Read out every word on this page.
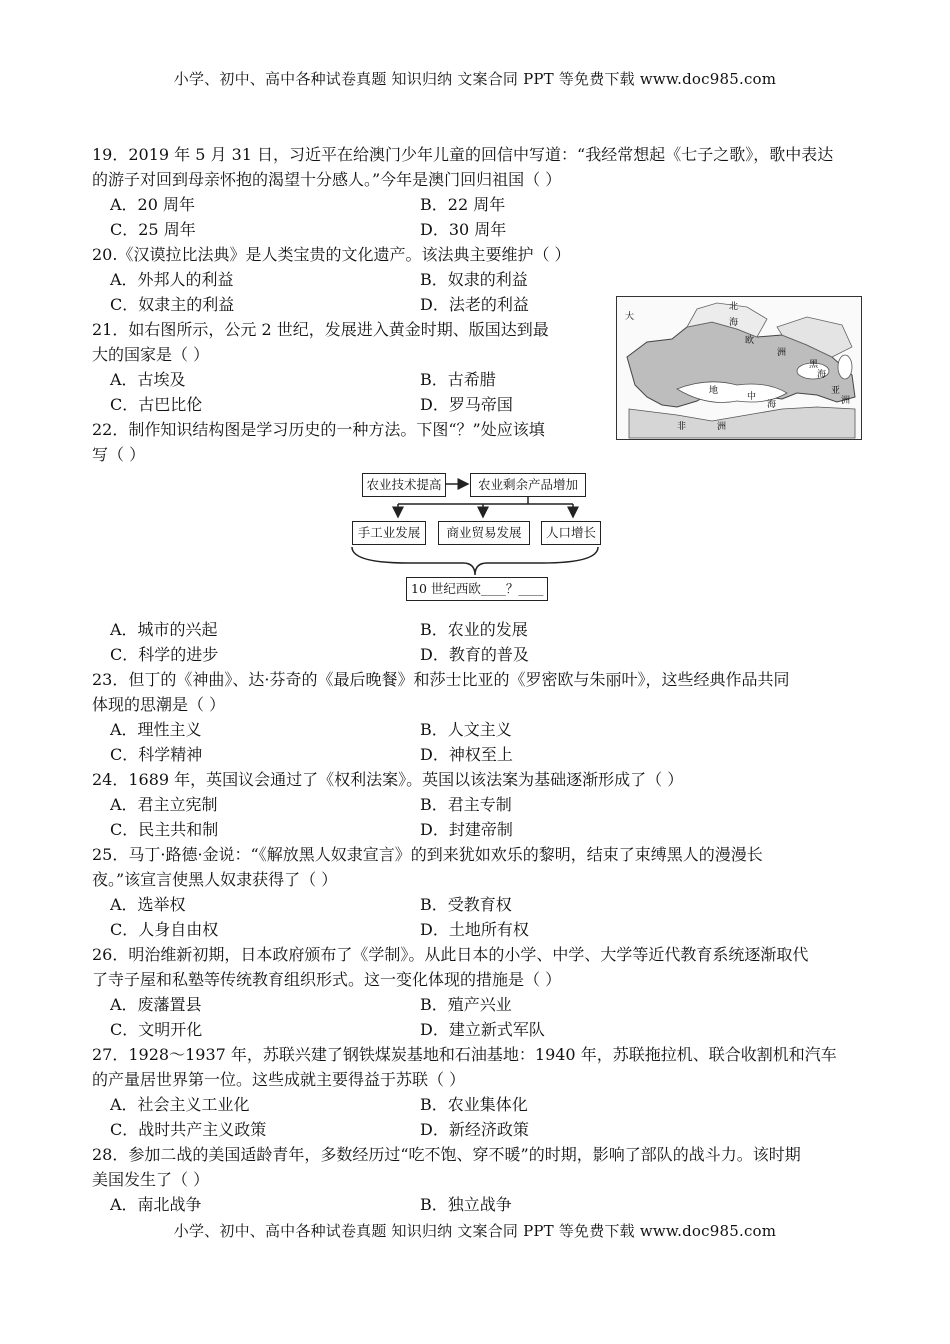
小学、初中、高中各种试卷真题 知识归纳 文案合同 PPT 等免费下载 www.doc985.com
19．2019 年 5 月 31 日，习近平在给澳门少年儿童的回信中写道：“我经常想起《七子之歌》，歌中表达
的游子对回到母亲怀抱的渴望十分感人。”今年是澳门回归祖国（ ）
A．20 周年	B．22 周年
C．25 周年	D．30 周年
20.《汉谟拉比法典》是人类宝贵的文化遗产。该法典主要维护（ ）
A．外邦人的利益	B．奴隶的利益
C．奴隶主的利益	D．法老的利益
21．如右图所示，公元 2 世纪，发展进入黄金时期、版国达到最
大的国家是（ ）
A．古埃及	B．古希腊
C．古巴比伦	D．罗马帝国
22．制作知识结构图是学习历史的一种方法。下图“？”处应该填
写（ ）
A．城市的兴起	B．农业的发展
C．科学的进步	D．教育的普及
23．但丁的《神曲》、达·芬奇的《最后晚餐》和莎士比亚的《罗密欧与朱丽叶》，这些经典作品共同
体现的思潮是（ ）
A．理性主义	B．人文主义
C．科学精神	D．神权至上
24．1689 年，英国议会通过了《权利法案》。英国以该法案为基础逐渐形成了（ ）
A．君主立宪制	B．君主专制
C．民主共和制	D．封建帝制
25．马丁·路德·金说：“《解放黑人奴隶宣言》的到来犹如欢乐的黎明，结束了束缚黑人的漫漫长
夜。”该宣言使黑人奴隶获得了（ ）
A．选举权	B．受教育权
C．人身自由权	D．土地所有权
26．明治维新初期，日本政府颁布了《学制》。从此日本的小学、中学、大学等近代教育系统逐渐取代
了寺子屋和私塾等传统教育组织形式。这一变化体现的措施是（ ）
A．废藩置县	B．殖产兴业
C．文明开化	D．建立新式军队
27．1928～1937 年，苏联兴建了钢铁煤炭基地和石油基地：1940 年，苏联拖拉机、联合收割机和汽车
的产量居世界第一位。这些成就主要得益于苏联（ ）
A．社会主义工业化	B．农业集体化
C．战时共产主义政策	D．新经济政策
28．参加二战的美国适龄青年，多数经历过“吃不饱、穿不暖”的时期，影响了部队的战斗力。该时期
美国发生了（ ）
A．南北战争	B．独立战争
大
北
海
欧
洲
黑
海
亚
洲
地
中
海
非	洲
农业技术提高	农业剩余产品增加
手工业发展	商业贸易发展	人口增长
10 世纪西欧____？____
小学、初中、高中各种试卷真题 知识归纳 文案合同 PPT 等免费下载 www.doc985.com
